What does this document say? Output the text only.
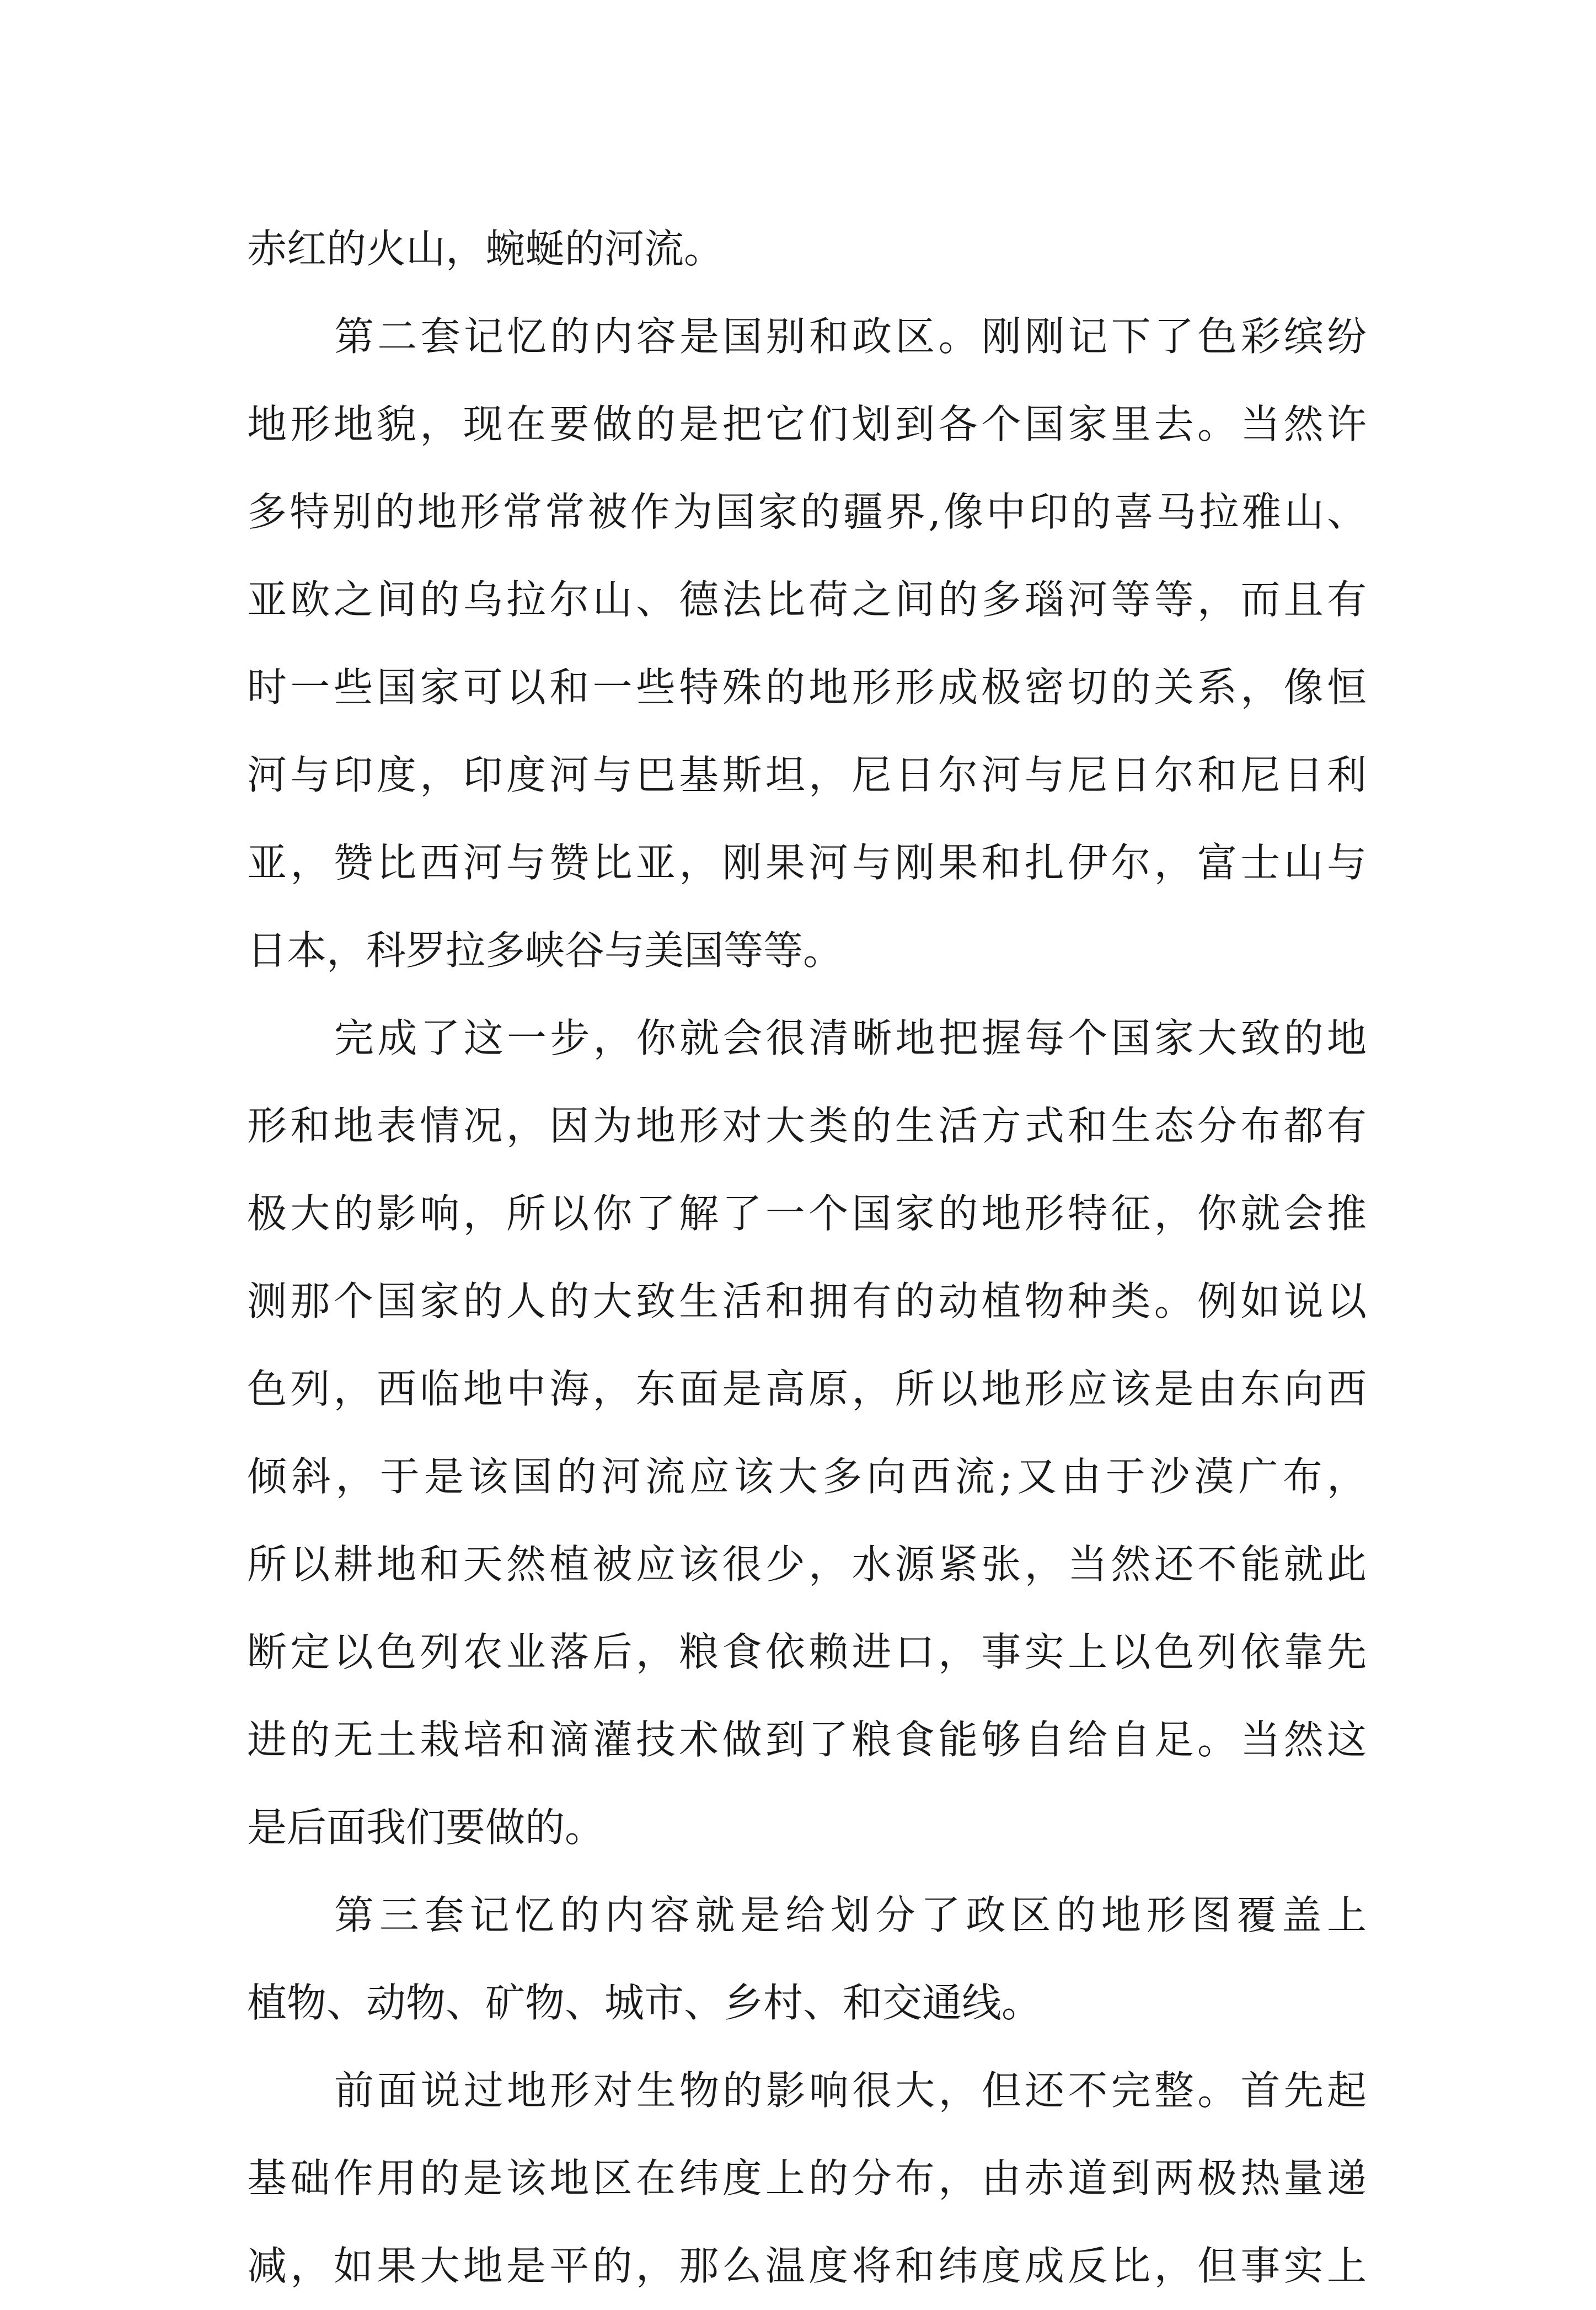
赤红的火山，蜿蜒的河流。
第二套记忆的内容是国别和政区。刚刚记下了色彩缤纷
地形地貌，现在要做的是把它们划到各个国家里去。当然许
多特别的地形常常被作为国家的疆界,像中印的喜马拉雅山、
亚欧之间的乌拉尔山、德法比荷之间的多瑙河等等，而且有
时一些国家可以和一些特殊的地形形成极密切的关系，像恒
河与印度，印度河与巴基斯坦，尼日尔河与尼日尔和尼日利
亚，赞比西河与赞比亚，刚果河与刚果和扎伊尔，富士山与
日本，科罗拉多峡谷与美国等等。
完成了这一步，你就会很清晰地把握每个国家大致的地
形和地表情况，因为地形对大类的生活方式和生态分布都有
极大的影响，所以你了解了一个国家的地形特征，你就会推
测那个国家的人的大致生活和拥有的动植物种类。例如说以
色列，西临地中海，东面是高原，所以地形应该是由东向西
倾斜，于是该国的河流应该大多向西流;又由于沙漠广布，
所以耕地和天然植被应该很少，水源紧张，当然还不能就此
断定以色列农业落后，粮食依赖进口，事实上以色列依靠先
进的无土栽培和滴灌技术做到了粮食能够自给自足。当然这
是后面我们要做的。
第三套记忆的内容就是给划分了政区的地形图覆盖上
植物、动物、矿物、城市、乡村、和交通线。
前面说过地形对生物的影响很大，但还不完整。首先起
基础作用的是该地区在纬度上的分布，由赤道到两极热量递
减，如果大地是平的，那么温度将和纬度成反比，但事实上
